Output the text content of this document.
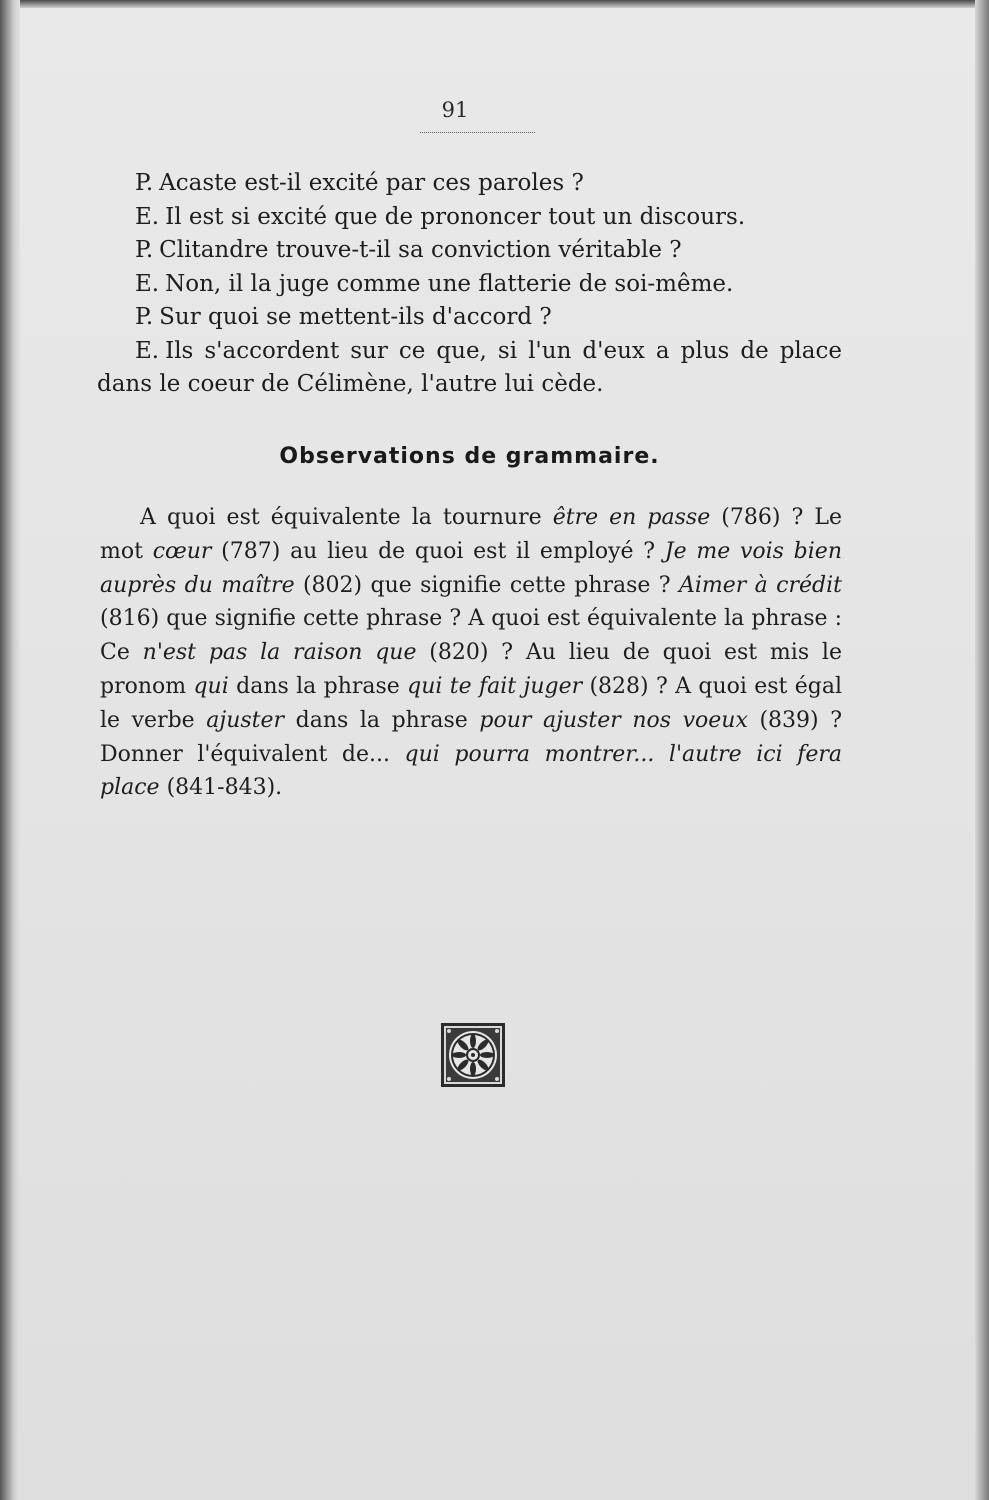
91

P. Acaste est-il excité par ces paroles ?

E. Il est si excité que de prononcer tout un discours.

P. Clitandre trouve-t-il sa conviction véritable ?

E. Non, il la juge comme une flatterie de soi-même.

P. Sur quoi se mettent-ils d'accord ?

E. Ils s'accordent sur ce que, si l'un d'eux a plus de place dans le coeur de Célimène, l'autre lui cède.

Observations de grammaire.

A quoi est équivalente la tournure être en passe (786) ? Le mot cœur (787) au lieu de quoi est il employé ? Je me vois bien auprès du maître (802) que signifie cette phrase ? Aimer à crédit (816) que signifie cette phrase ? A quoi est équivalente la phrase : Ce n'est pas la raison que (820) ? Au lieu de quoi est mis le pronom qui dans la phrase qui te fait juger (828) ? A quoi est égal le verbe ajuster dans la phrase pour ajuster nos voeux (839) ? Donner l'équivalent de... qui pourra montrer... l'autre ici fera place (841-843).
